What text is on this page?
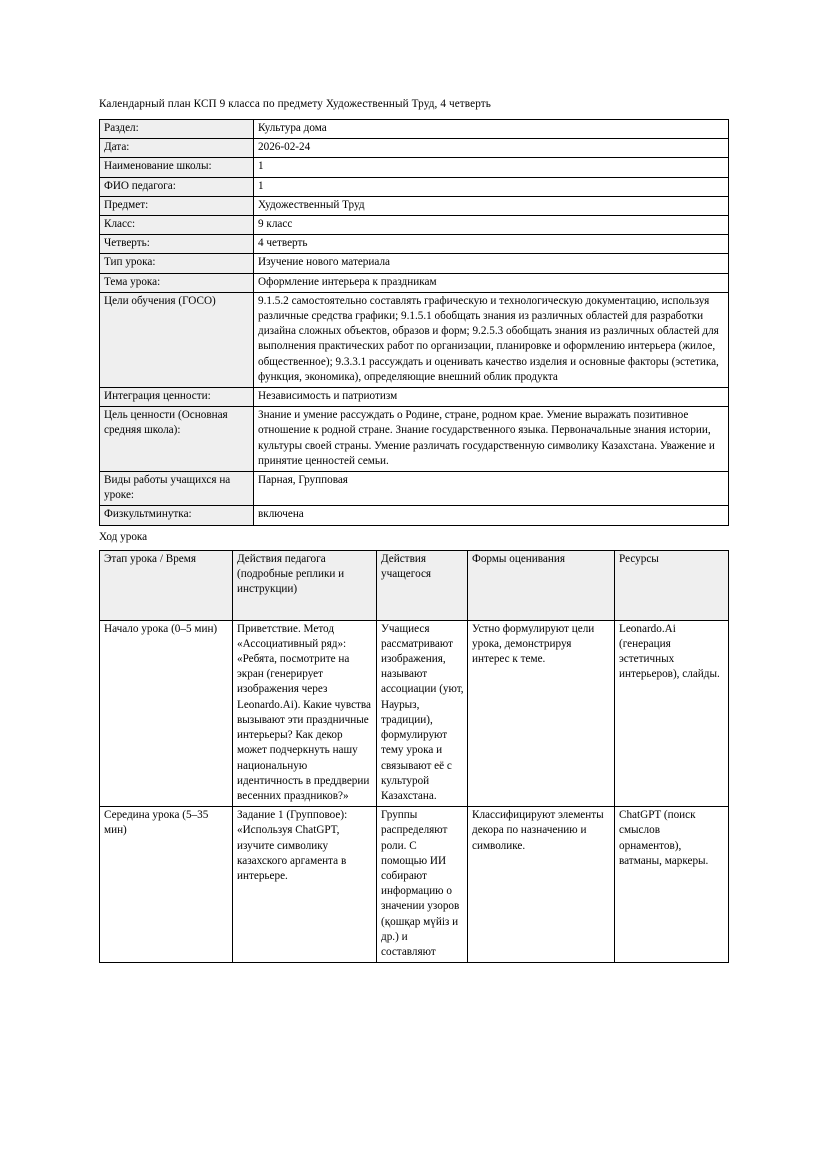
Календарный план КСП 9 класса по предмету Художественный Труд, 4 четверть

Раздел:	Культура дома
Дата:	2026-02-24
Наименование школы:	1
ФИО педагога:	1
Предмет:	Художественный Труд
Класс:	9 класс
Четверть:	4 четверть
Тип урока:	Изучение нового материала
Тема урока:	Оформление интерьера к праздникам
Цели обучения (ГОСО)	9.1.5.2 самостоятельно составлять графическую и технологическую документацию, используя различные средства графики; 9.1.5.1 обобщать знания из различных областей для разработки дизайна сложных объектов, образов и форм; 9.2.5.3 обобщать знания из различных областей для выполнения практических работ по организации, планировке и оформлению интерьера (жилое, общественное); 9.3.3.1 рассуждать и оценивать качество изделия и основные факторы (эстетика, функция, экономика), определяющие внешний облик продукта
Интеграция ценности:	Независимость и патриотизм
Цель ценности (Основная средняя школа):	Знание и умение рассуждать о Родине, стране, родном крае. Умение выражать позитивное отношение к родной стране. Знание государственного языка. Первоначальные знания истории, культуры своей страны. Умение различать государственную символику Казахстана. Уважение и принятие ценностей семьи.
Виды работы учащихся на уроке:	Парная, Групповая
Физкультминутка:	включена

Ход урока

Этап урока / Время	Действия педагога (подробные реплики и инструкции)	Действия учащегося	Формы оценивания	Ресурсы
Начало урока (0–5 мин)	Приветствие. Метод «Ассоциативный ряд»: «Ребята, посмотрите на экран (генерирует изображения через Leonardo.Ai). Какие чувства вызывают эти праздничные интерьеры? Как декор может подчеркнуть нашу национальную идентичность в преддверии весенних праздников?»	Учащиеся рассматривают изображения, называют ассоциации (уют, Наурыз, традиции), формулируют тему урока и связывают её с культурой Казахстана.	Устно формулируют цели урока, демонстрируя интерес к теме.	Leonardo.Ai (генерация эстетичных интерьеров), слайды.
Середина урока (5–35 мин)	Задание 1 (Групповое): «Используя ChatGPT, изучите символику казахского аргамента в интерьере.	Группы распределяют роли. С помощью ИИ собирают информацию о значении узоров (қошқар мүйіз и др.) и составляют	Классифицируют элементы декора по назначению и символике.	ChatGPT (поиск смыслов орнаментов), ватманы, маркеры.
